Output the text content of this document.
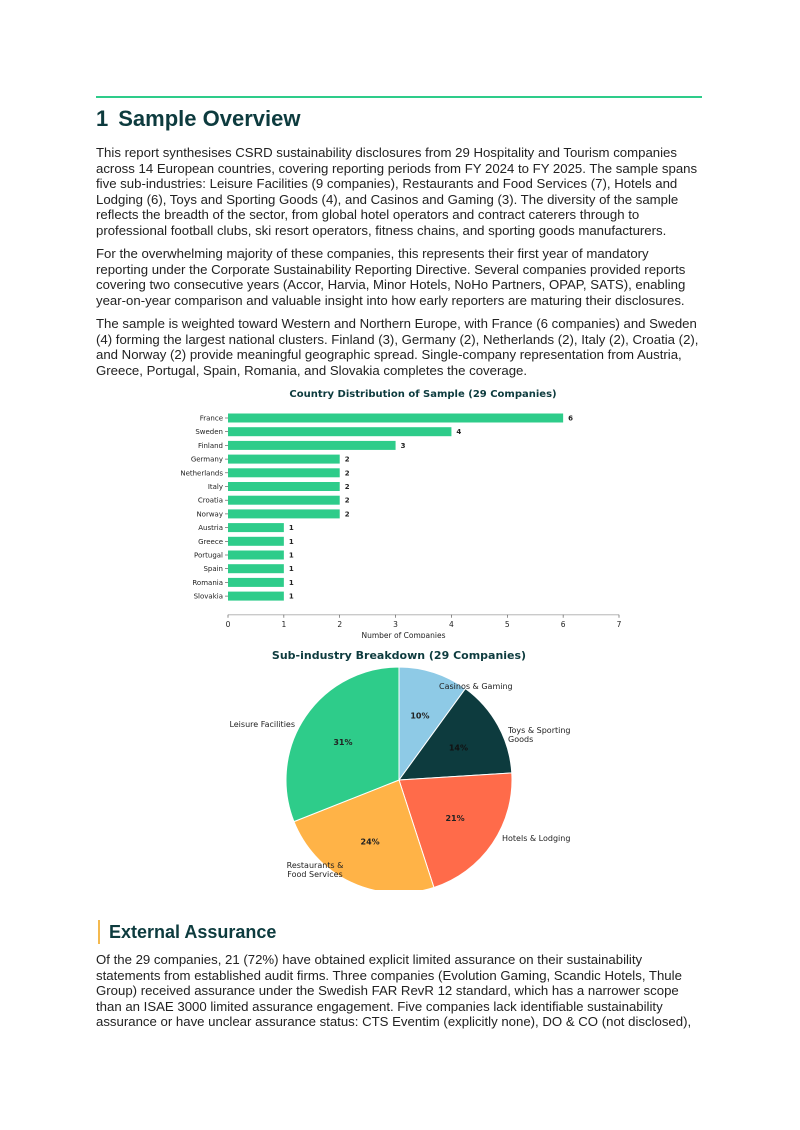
1 Sample Overview

This report synthesises CSRD sustainability disclosures from 29 Hospitality and Tourism companies across 14 European countries, covering reporting periods from FY 2024 to FY 2025. The sample spans five sub-industries: Leisure Facilities (9 companies), Restaurants and Food Services (7), Hotels and Lodging (6), Toys and Sporting Goods (4), and Casinos and Gaming (3). The diversity of the sample reflects the breadth of the sector, from global hotel operators and contract caterers through to professional football clubs, ski resort operators, fitness chains, and sporting goods manufacturers.

For the overwhelming majority of these companies, this represents their first year of mandatory reporting under the Corporate Sustainability Reporting Directive. Several companies provided reports covering two consecutive years (Accor, Harvia, Minor Hotels, NoHo Partners, OPAP, SATS), enabling year-on-year comparison and valuable insight into how early reporters are maturing their disclosures.

The sample is weighted toward Western and Northern Europe, with France (6 companies) and Sweden (4) forming the largest national clusters. Finland (3), Germany (2), Netherlands (2), Italy (2), Croatia (2), and Norway (2) provide meaningful geographic spread. Single-company representation from Austria, Greece, Portugal, Spain, Romania, and Slovakia completes the coverage.

Country Distribution of Sample (29 Companies)
France	6
Sweden	4
Finland	3
Germany	2
Netherlands	2
Italy	2
Croatia	2
Norway	2
Austria	1
Greece	1
Portugal	1
Spain	1
Romania	1
Slovakia	1
0	1	2	3	4	5	6	7
Number of Companies
Sub-industry Breakdown (29 Companies)
10%
Casinos & Gaming
14%
Toys & Sporting
Goods
21%
Hotels & Lodging
24%
Restaurants &
Food Services
31%
Leisure Facilities
External Assurance

Of the 29 companies, 21 (72%) have obtained explicit limited assurance on their sustainability statements from established audit firms. Three companies (Evolution Gaming, Scandic Hotels, Thule Group) received assurance under the Swedish FAR RevR 12 standard, which has a narrower scope than an ISAE 3000 limited assurance engagement. Five companies lack identifiable sustainability assurance or have unclear assurance status: CTS Eventim (explicitly none), DO & CO (not disclosed),
